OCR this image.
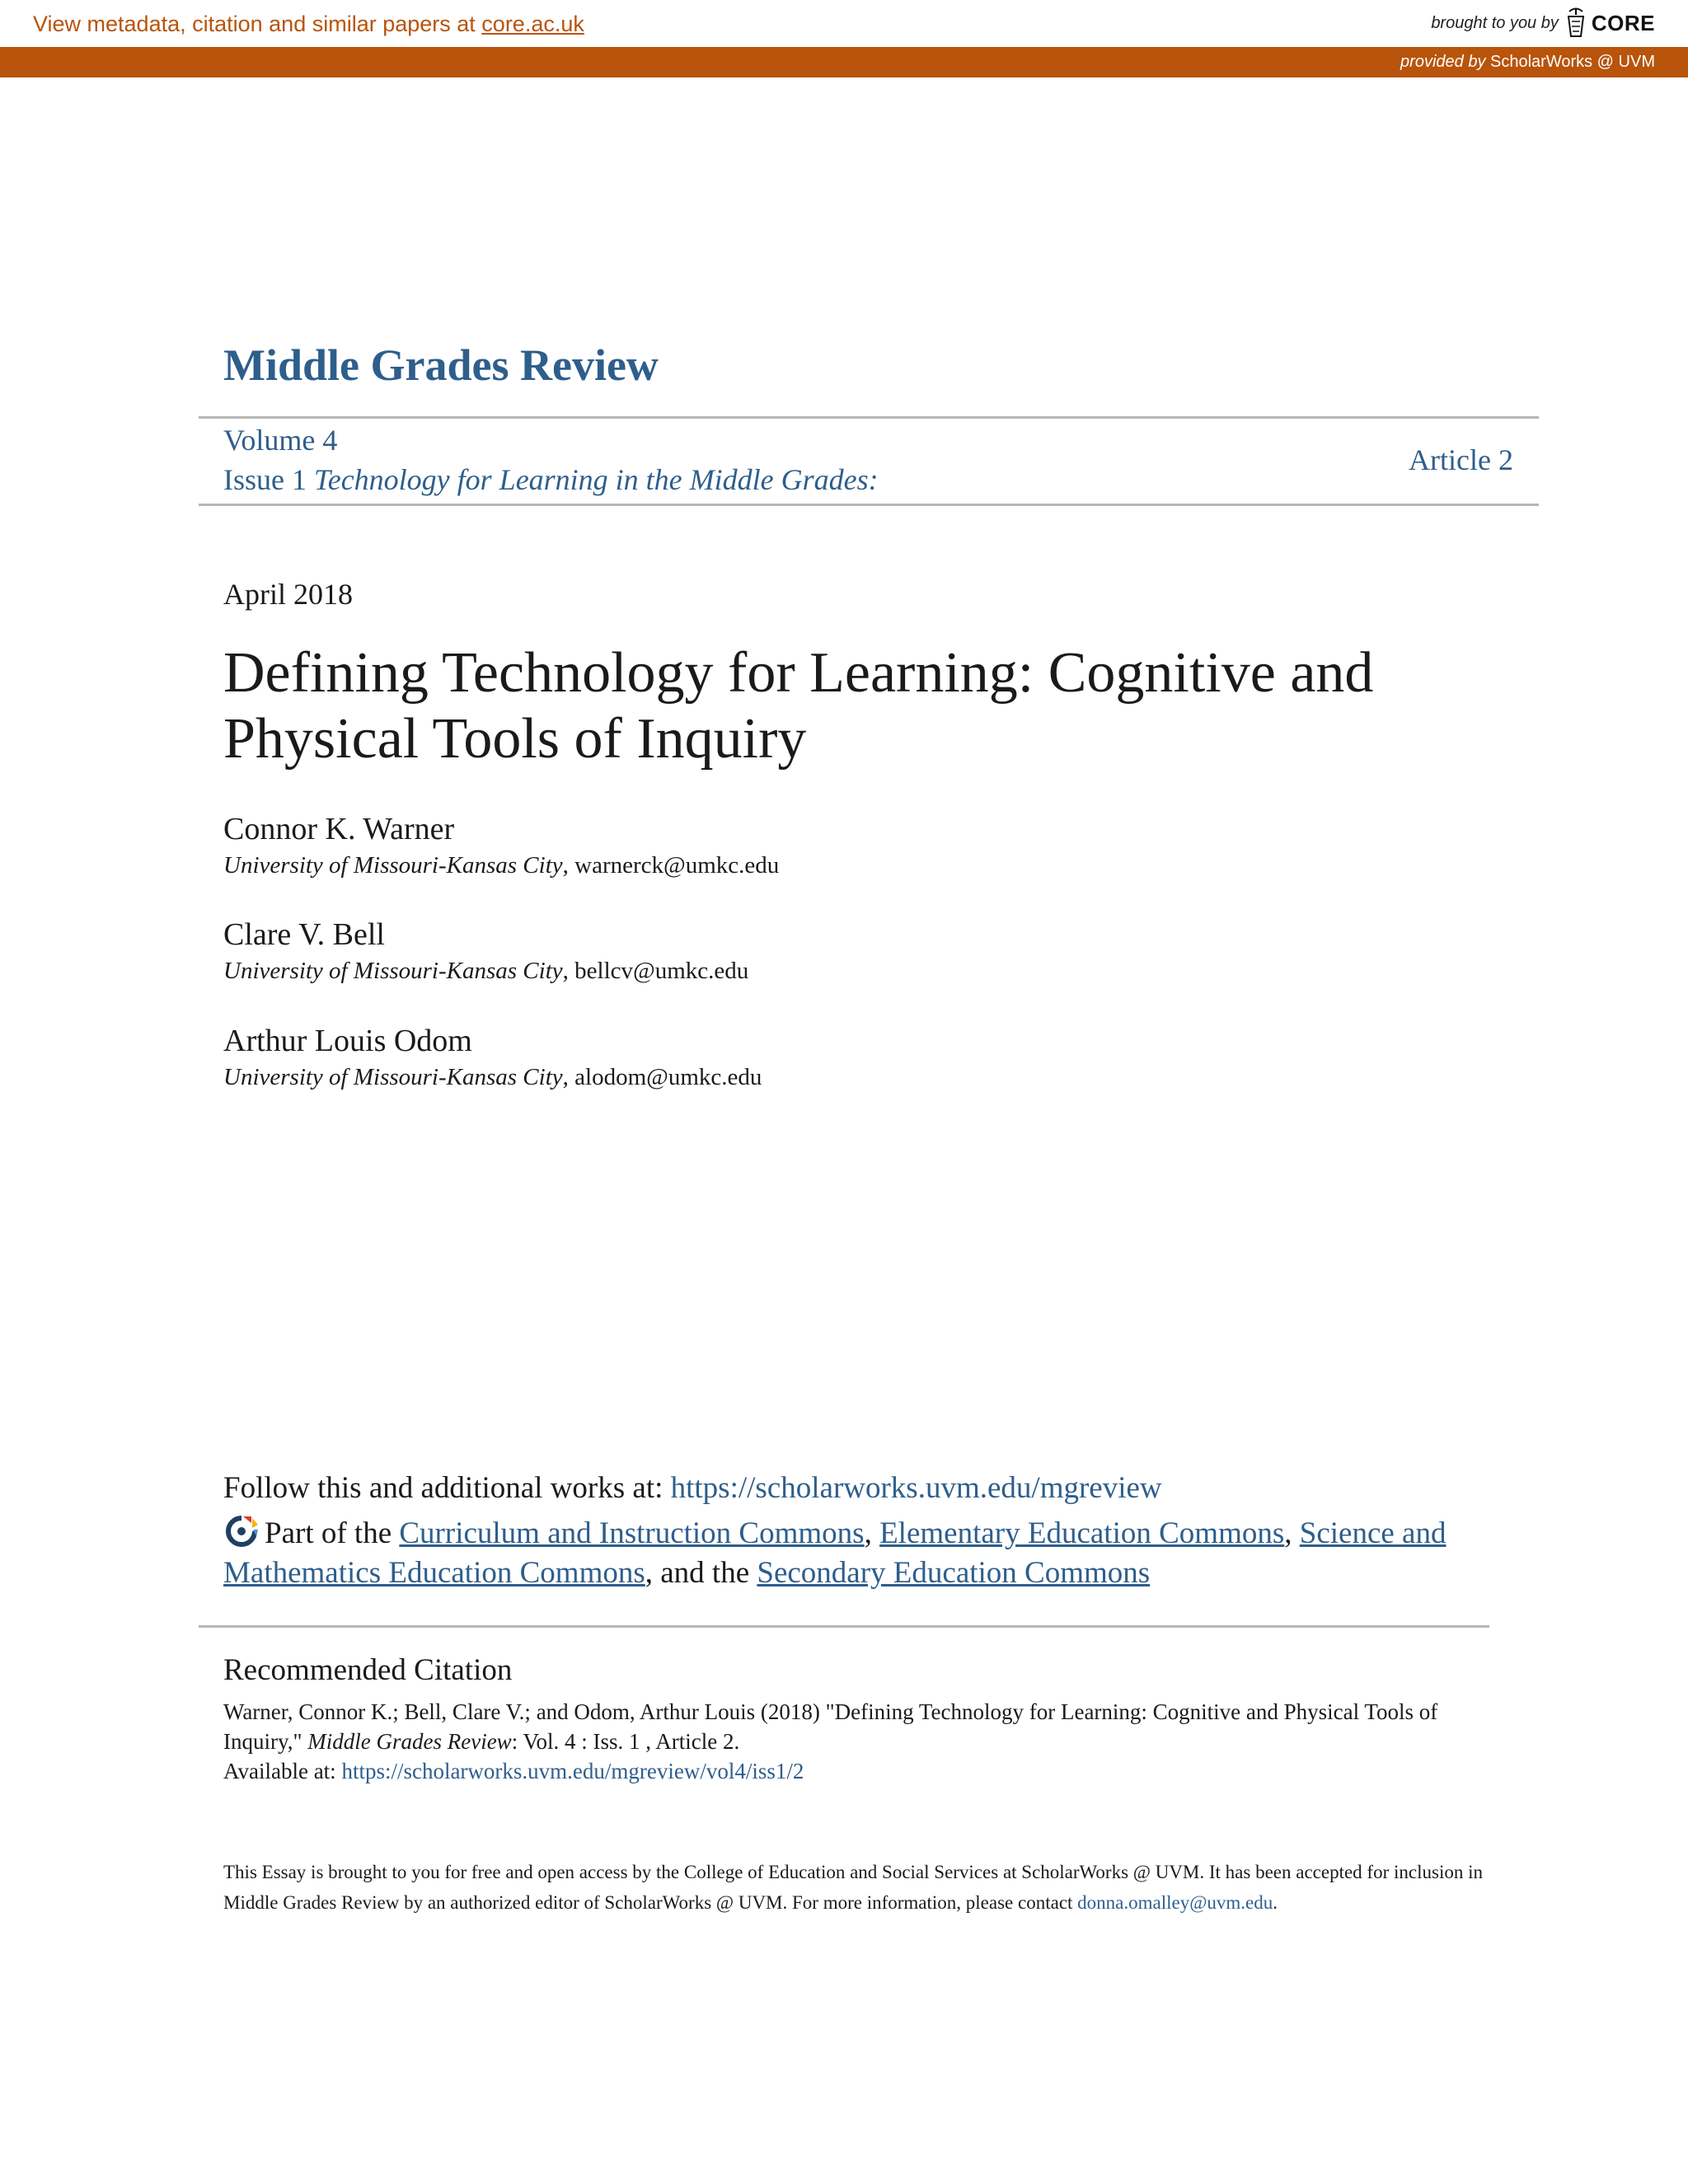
View metadata, citation and similar papers at core.ac.uk	brought to you by CORE
provided by ScholarWorks @ UVM
Middle Grades Review
Volume 4
Issue 1 Technology for Learning in the Middle Grades:
Article 2
April 2018
Defining Technology for Learning: Cognitive and Physical Tools of Inquiry
Connor K. Warner
University of Missouri-Kansas City, warnerck@umkc.edu
Clare V. Bell
University of Missouri-Kansas City, bellcv@umkc.edu
Arthur Louis Odom
University of Missouri-Kansas City, alodom@umkc.edu
Follow this and additional works at: https://scholarworks.uvm.edu/mgreview
Part of the Curriculum and Instruction Commons, Elementary Education Commons, Science and Mathematics Education Commons, and the Secondary Education Commons
Recommended Citation
Warner, Connor K.; Bell, Clare V.; and Odom, Arthur Louis (2018) "Defining Technology for Learning: Cognitive and Physical Tools of Inquiry," Middle Grades Review: Vol. 4 : Iss. 1 , Article 2.
Available at: https://scholarworks.uvm.edu/mgreview/vol4/iss1/2
This Essay is brought to you for free and open access by the College of Education and Social Services at ScholarWorks @ UVM. It has been accepted for inclusion in Middle Grades Review by an authorized editor of ScholarWorks @ UVM. For more information, please contact donna.omalley@uvm.edu.
